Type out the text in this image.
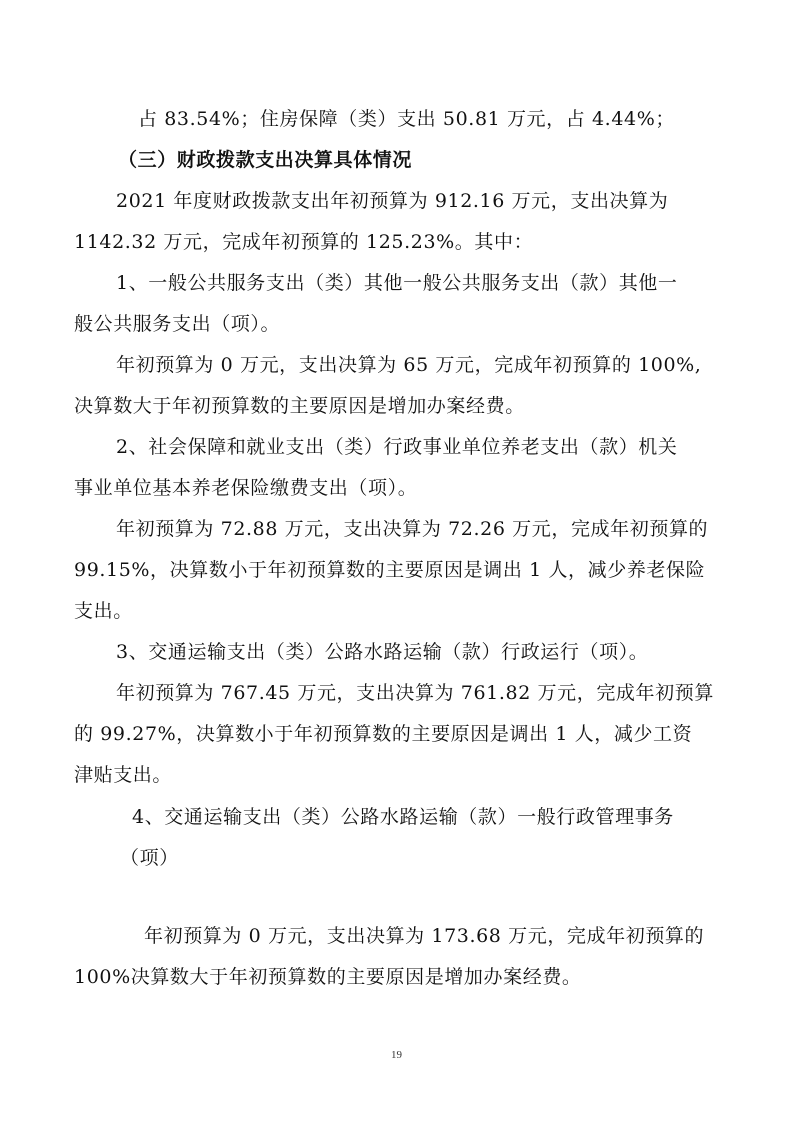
占 83.54%；住房保障（类）支出 50.81 万元，占 4.44%；
（三）财政拨款支出决算具体情况
2021 年度财政拨款支出年初预算为 912.16 万元，支出决算为
1142.32 万元，完成年初预算的 125.23%。其中：
1、一般公共服务支出（类）其他一般公共服务支出（款）其他一
般公共服务支出（项）。
年初预算为 0 万元，支出决算为 65 万元，完成年初预算的 100%,
决算数大于年初预算数的主要原因是增加办案经费。
2、社会保障和就业支出（类）行政事业单位养老支出（款）机关
事业单位基本养老保险缴费支出（项）。
年初预算为 72.88 万元，支出决算为 72.26 万元，完成年初预算的
99.15%，决算数小于年初预算数的主要原因是调出 1 人，减少养老保险
支出。
3、交通运输支出（类）公路水路运输（款）行政运行（项）。
年初预算为 767.45 万元，支出决算为 761.82 万元，完成年初预算
的 99.27%，决算数小于年初预算数的主要原因是调出 1 人，减少工资
津贴支出。
4、交通运输支出（类）公路水路运输（款）一般行政管理事务
（项）
年初预算为 0 万元，支出决算为 173.68 万元，完成年初预算的
100%决算数大于年初预算数的主要原因是增加办案经费。
19
